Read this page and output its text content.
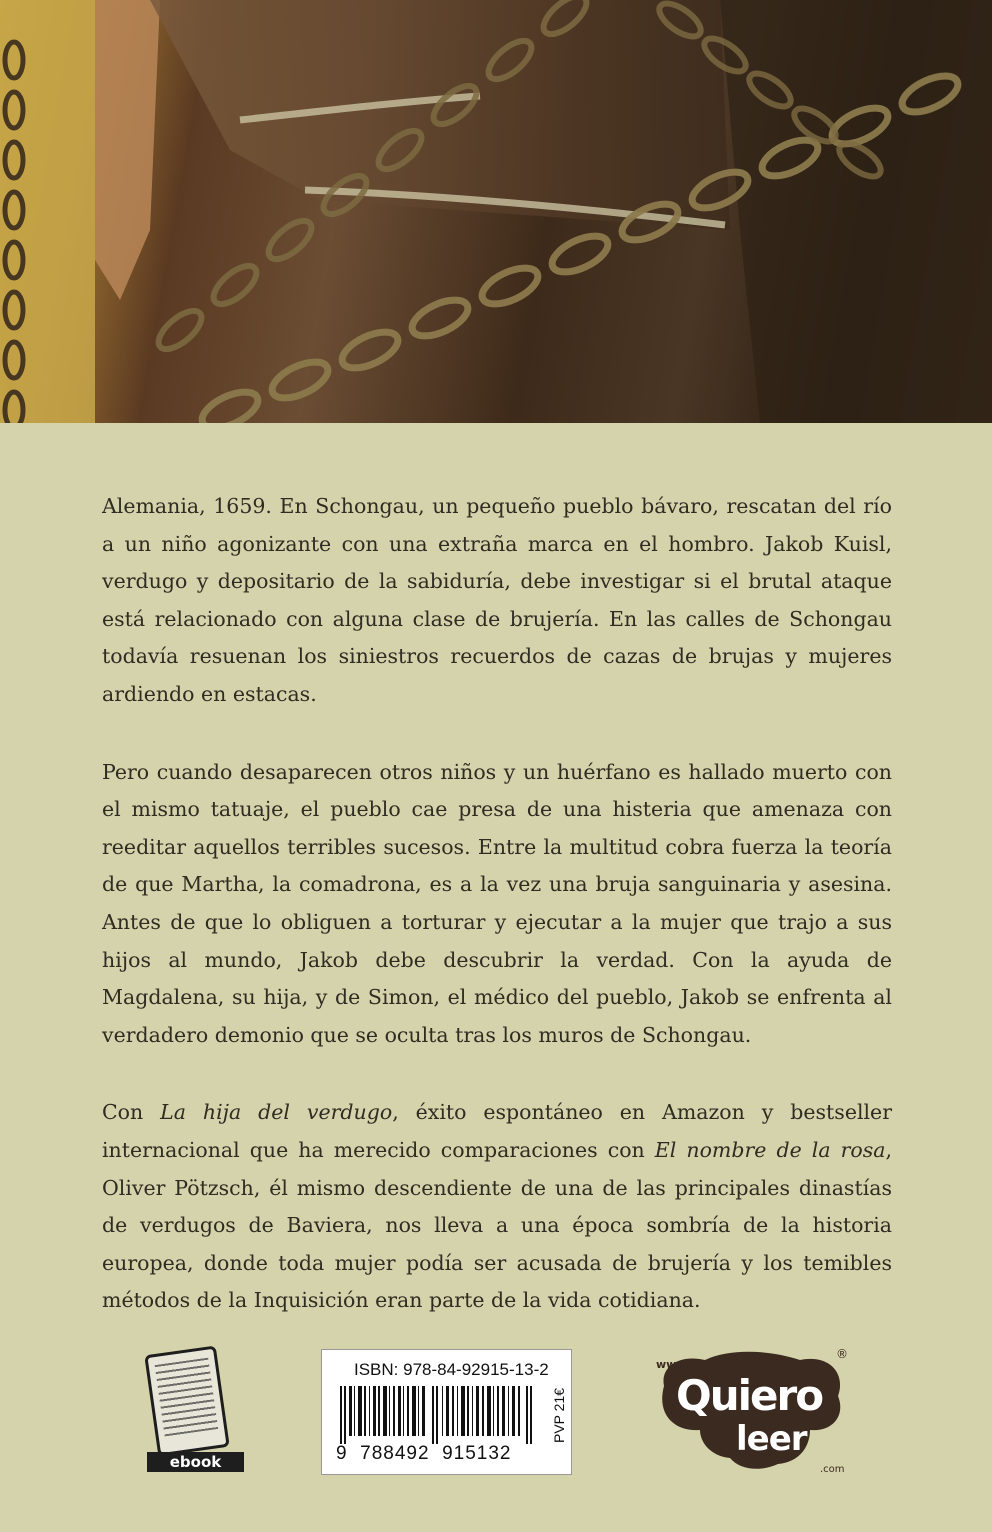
Alemania, 1659. En Schongau, un pequeño pueblo bávaro, rescatan del río a un niño agonizante con una extraña marca en el hombro. Jakob Kuisl, verdugo y depositario de la sabiduría, debe investigar si el brutal ataque está relacionado con alguna clase de brujería. En las calles de Schongau todavía resuenan los siniestros recuerdos de cazas de brujas y mujeres ardiendo en estacas.

Pero cuando desaparecen otros niños y un huérfano es hallado muerto con el mismo tatuaje, el pueblo cae presa de una histeria que amenaza con reeditar aquellos terribles sucesos. Entre la multitud cobra fuerza la teoría de que Martha, la comadrona, es a la vez una bruja sanguinaria y asesina. Antes de que lo obliguen a torturar y ejecutar a la mujer que trajo a sus hijos al mundo, Jakob debe descubrir la verdad. Con la ayuda de Magdalena, su hija, y de Simon, el médico del pueblo, Jakob se enfrenta al verdadero demonio que se oculta tras los muros de Schongau.

Con La hija del verdugo, éxito espontáneo en Amazon y bestseller internacional que ha merecido comparaciones con El nombre de la rosa, Oliver Pötzsch, él mismo descendiente de una de las principales dinastías de verdugos de Baviera, nos lleva a una época sombría de la historia europea, donde toda mujer podía ser acusada de brujería y los temibles métodos de la Inquisición eran parte de la vida cotidiana.

ebook
ISBN: 978-84-92915-13-2
9  788492  915132
PVP 21€
www.
Quiero
leer
.com
®
